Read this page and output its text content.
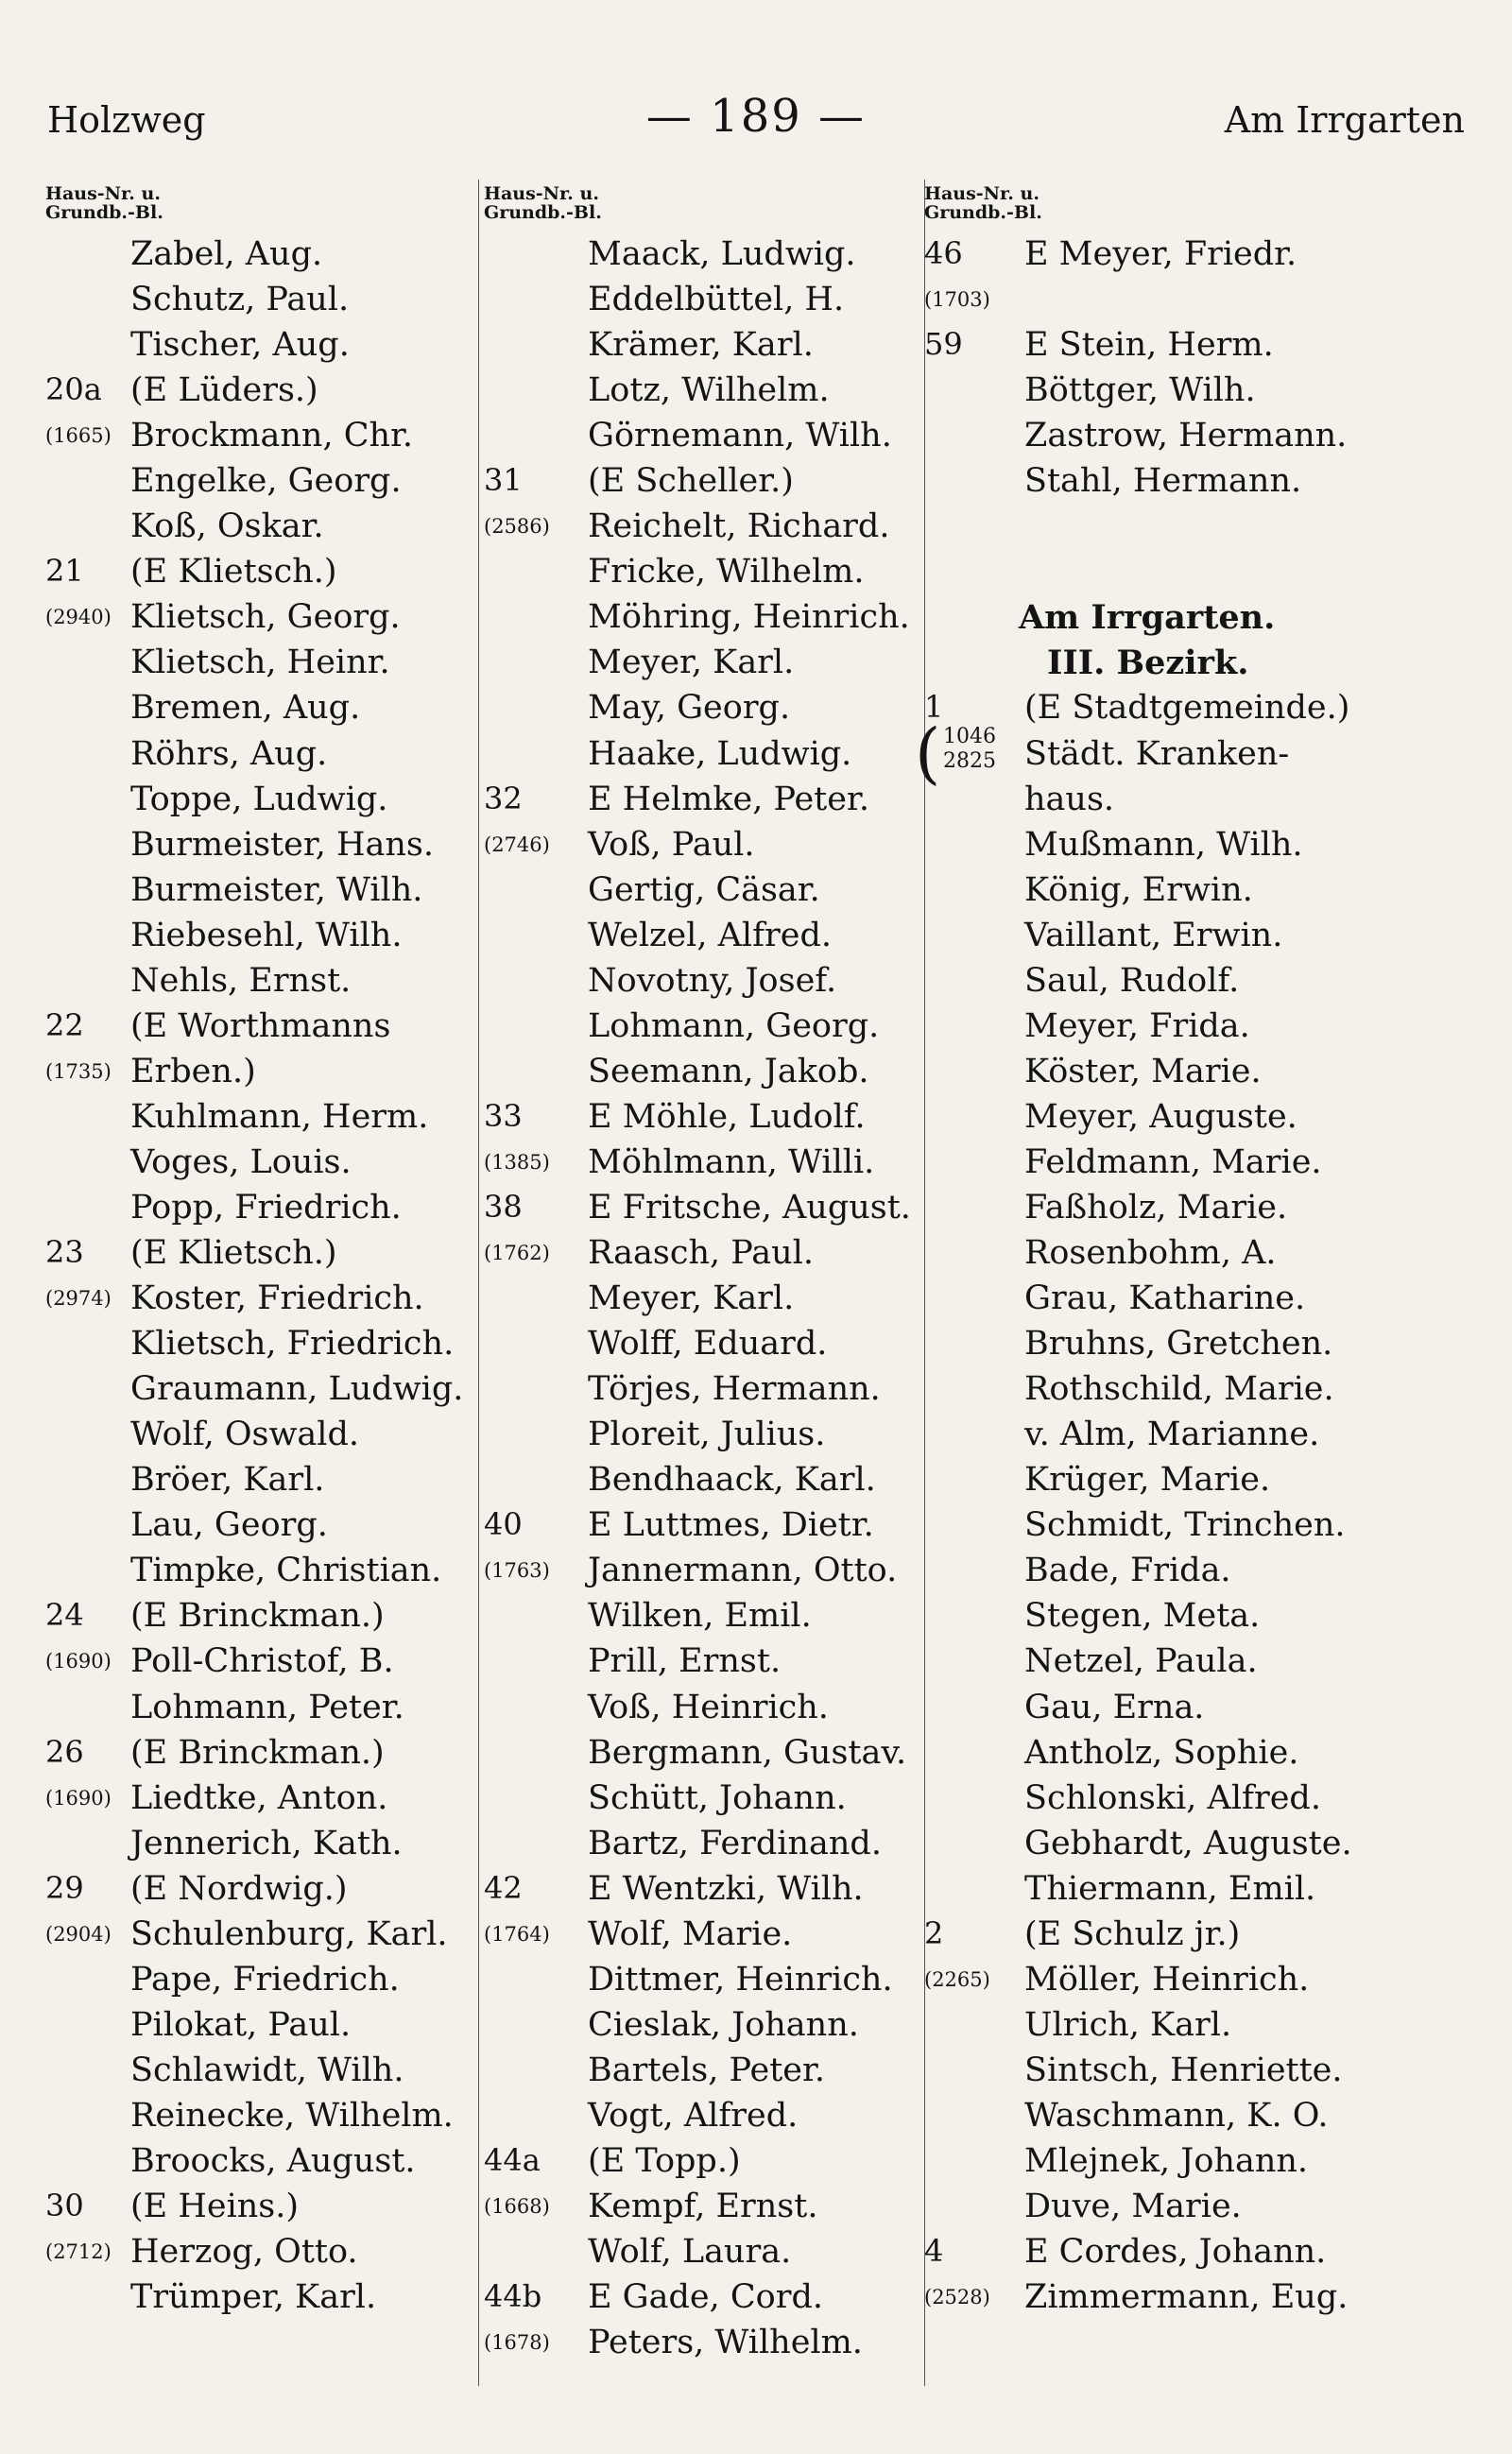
Holzweg	— 189 —	Am Irrgarten
Haus-Nr. u.
Grundb.-Bl.
Zabel, Aug.
Schutz, Paul.
Tischer, Aug.
20a (E Lüders.)
(1665) Brockmann, Chr.
Engelke, Georg.
Koß, Oskar.
21 (E Klietsch.)
(2940) Klietsch, Georg.
Klietsch, Heinr.
Bremen, Aug.
Röhrs, Aug.
Toppe, Ludwig.
Burmeister, Hans.
Burmeister, Wilh.
Riebesehl, Wilh.
Nehls, Ernst.
22 (E Worthmanns
(1735) Erben.)
Kuhlmann, Herm.
Voges, Louis.
Popp, Friedrich.
23 (E Klietsch.)
(2974) Koster, Friedrich.
Klietsch, Friedrich.
Graumann, Ludwig.
Wolf, Oswald.
Bröer, Karl.
Lau, Georg.
Timpke, Christian.
24 (E Brinckman.)
(1690) Poll-Christof, B.
Lohmann, Peter.
26 (E Brinckman.)
(1690) Liedtke, Anton.
Jennerich, Kath.
29 (E Nordwig.)
(2904) Schulenburg, Karl.
Pape, Friedrich.
Pilokat, Paul.
Schlawidt, Wilh.
Reinecke, Wilhelm.
Broocks, August.
30 (E Heins.)
(2712) Herzog, Otto.
Trümper, Karl.
Haus-Nr. u.
Grundb.-Bl.
Maack, Ludwig.
Eddelbüttel, H.
Krämer, Karl.
Lotz, Wilhelm.
Görnemann, Wilh.
31 (E Scheller.)
(2586) Reichelt, Richard.
Fricke, Wilhelm.
Möhring, Heinrich.
Meyer, Karl.
May, Georg.
Haake, Ludwig.
32 E Helmke, Peter.
(2746) Voß, Paul.
Gertig, Cäsar.
Welzel, Alfred.
Novotny, Josef.
Lohmann, Georg.
Seemann, Jakob.
33 E Möhle, Ludolf.
(1385) Möhlmann, Willi.
38 E Fritsche, August.
(1762) Raasch, Paul.
Meyer, Karl.
Wolff, Eduard.
Törjes, Hermann.
Ploreit, Julius.
Bendhaack, Karl.
40 E Luttmes, Dietr.
(1763) Jannermann, Otto.
Wilken, Emil.
Prill, Ernst.
Voß, Heinrich.
Bergmann, Gustav.
Schütt, Johann.
Bartz, Ferdinand.
42 E Wentzki, Wilh.
(1764) Wolf, Marie.
Dittmer, Heinrich.
Cieslak, Johann.
Bartels, Peter.
Vogt, Alfred.
44a (E Topp.)
(1668) Kempf, Ernst.
Wolf, Laura.
44b E Gade, Cord.
(1678) Peters, Wilhelm.
Haus-Nr. u.
Grundb.-Bl.
46 E Meyer, Friedr.
(1703)
59 E Stein, Herm.
Böttger, Wilh.
Zastrow, Hermann.
Stahl, Hermann.
Am Irrgarten.
III. Bezirk.
1 (E Stadtgemeinde.)
( 1046
2825 Städt. Kranken-
haus.
Mußmann, Wilh.
König, Erwin.
Vaillant, Erwin.
Saul, Rudolf.
Meyer, Frida.
Köster, Marie.
Meyer, Auguste.
Feldmann, Marie.
Faßholz, Marie.
Rosenbohm, A.
Grau, Katharine.
Bruhns, Gretchen.
Rothschild, Marie.
v. Alm, Marianne.
Krüger, Marie.
Schmidt, Trinchen.
Bade, Frida.
Stegen, Meta.
Netzel, Paula.
Gau, Erna.
Antholz, Sophie.
Schlonski, Alfred.
Gebhardt, Auguste.
Thiermann, Emil.
2 (E Schulz jr.)
(2265) Möller, Heinrich.
Ulrich, Karl.
Sintsch, Henriette.
Waschmann, K. O.
Mlejnek, Johann.
Duve, Marie.
4 E Cordes, Johann.
(2528) Zimmermann, Eug.
